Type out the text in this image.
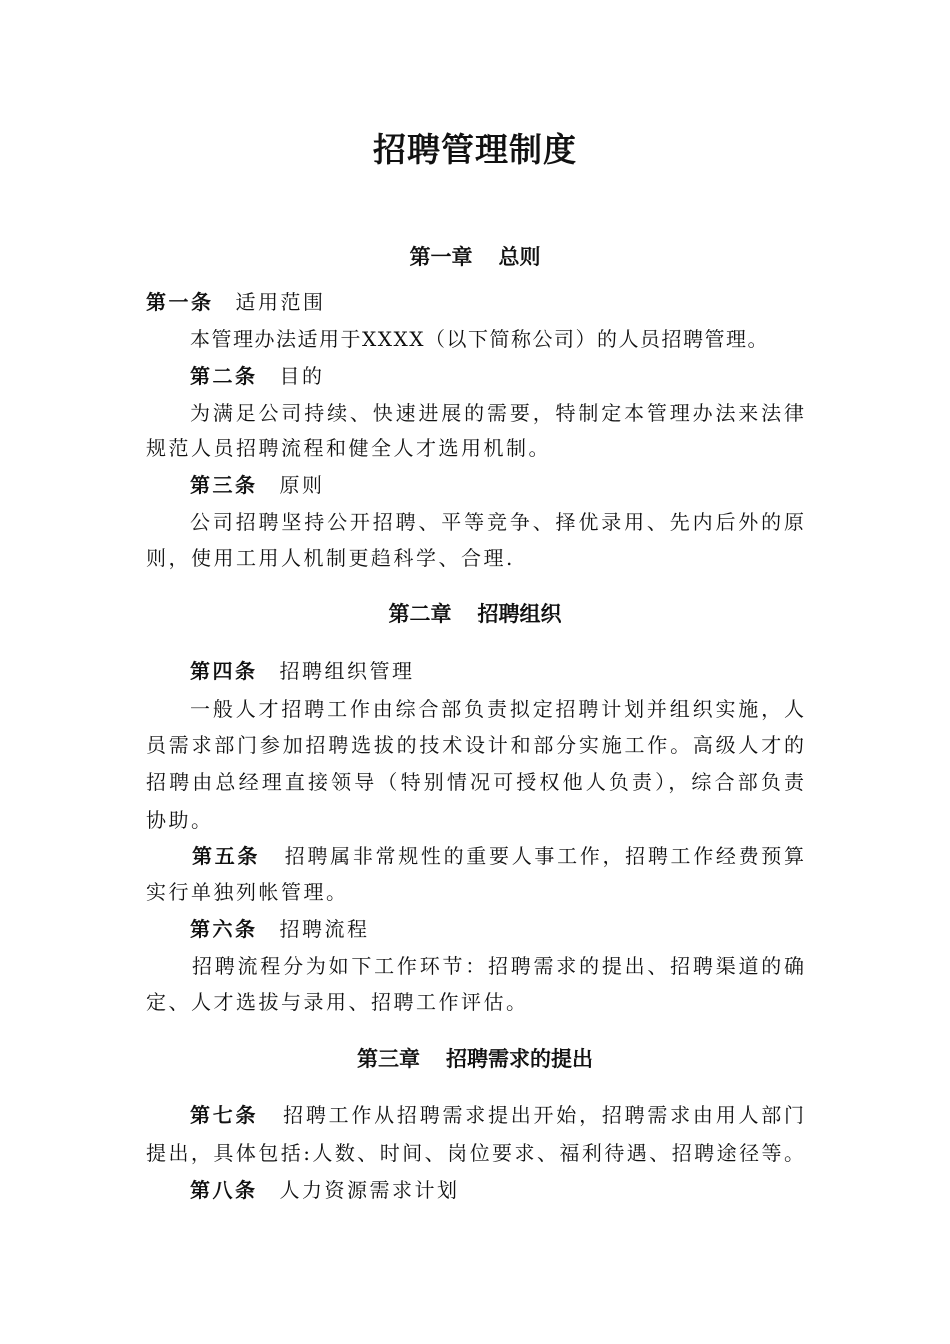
招聘管理制度
第一章 总则
第一条 适用范围
本管理办法适用于XXXX（以下简称公司）的人员招聘管理。
第二条 目的
为满足公司持续、快速进展的需要，特制定本管理办法来法律
规范人员招聘流程和健全人才选用机制。
第三条 原则
公司招聘坚持公开招聘、平等竞争、择优录用、先内后外的原
则，使用工用人机制更趋科学、合理.
第二章 招聘组织
第四条 招聘组织管理
一般人才招聘工作由综合部负责拟定招聘计划并组织实施，人
员需求部门参加招聘选拔的技术设计和部分实施工作。高级人才的
招聘由总经理直接领导（特别情况可授权他人负责），综合部负责
协助。
第五条 招聘属非常规性的重要人事工作，招聘工作经费预算
实行单独列帐管理。
第六条 招聘流程
招聘流程分为如下工作环节：招聘需求的提出、招聘渠道的确
定、人才选拔与录用、招聘工作评估。
第三章 招聘需求的提出
第七条 招聘工作从招聘需求提出开始，招聘需求由用人部门
提出，具体包括:人数、时间、岗位要求、福利待遇、招聘途径等。
第八条 人力资源需求计划
